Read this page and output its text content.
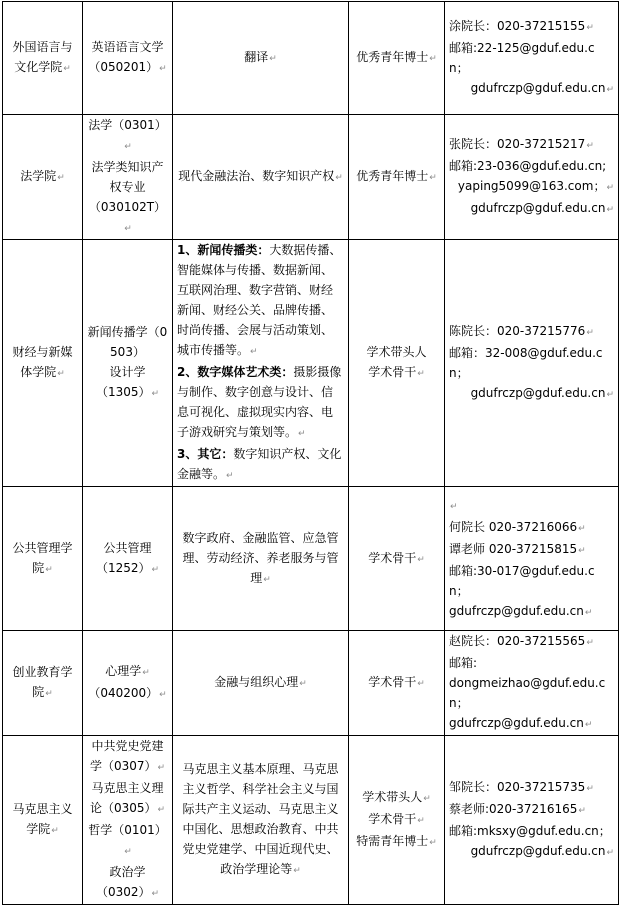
外国语言与文化学院↵	英语语言文学
（050201）↵	翻译↵	优秀青年博士↵	涂院长：020-37215155↵
邮箱:22-125@gduf.edu.cn；
gdufrczp@gduf.edu.cn↵

法学院↵	法学（0301）↵
法学类知识产权专业
（030102T）↵	现代金融法治、数字知识产权↵	优秀青年博士↵	张院长：020-37215217↵
邮箱:23-036@gduf.edu.cn;
yaping5099@163.com；↵
gdufrczp@gduf.edu.cn↵

财经与新媒体学院↵	新闻传播学（0503）
设计学
（1305）↵	1、新闻传播类：大数据传播、智能媒体与传播、数据新闻、互联网治理、数字营销、财经新闻、财经公关、品牌传播、时尚传播、会展与活动策划、城市传播等。↵
2、数字媒体艺术类：摄影摄像与制作、数字创意与设计、信息可视化、虚拟现实内容、电子游戏研究与策划等。↵
3、其它：数字知识产权、文化金融等。↵	学术带头人
学术骨干↵	陈院长：020-37215776↵
邮箱：32-008@gduf.edu.cn；
gdufrczp@gduf.edu.cn↵

公共管理学院↵	公共管理
（1252）↵	数字政府、金融监管、应急管理、劳动经济、养老服务与管理↵	学术骨干↵	↵
何院长 020-37216066↵
谭老师 020-37215815↵
邮箱:30-017@gduf.edu.cn；
gdufrczp@gduf.edu.cn↵

创业教育学院↵	心理学↵
（040200）↵	金融与组织心理↵	学术骨干↵	赵院长：020-37215565↵
邮箱:
dongmeizhao@gduf.edu.cn；
gdufrczp@gduf.edu.cn↵

马克思主义学院↵	中共党史党建学（0307）↵
马克思主义理论（0305）↵
哲学（0101）↵
政治学
（0302）↵	马克思主义基本原理、马克思主义哲学、科学社会主义与国际共产主义运动、马克思主义中国化、思想政治教育、中共党史党建学、中国近现代史、政治学理论等↵	学术带头人↵
学术骨干↵
特需青年博士↵	邹院长：020-37215735↵
蔡老师:020-37216165↵
邮箱:mksxy@gduf.edu.cn；
gdufrczp@gduf.edu.cn↵
